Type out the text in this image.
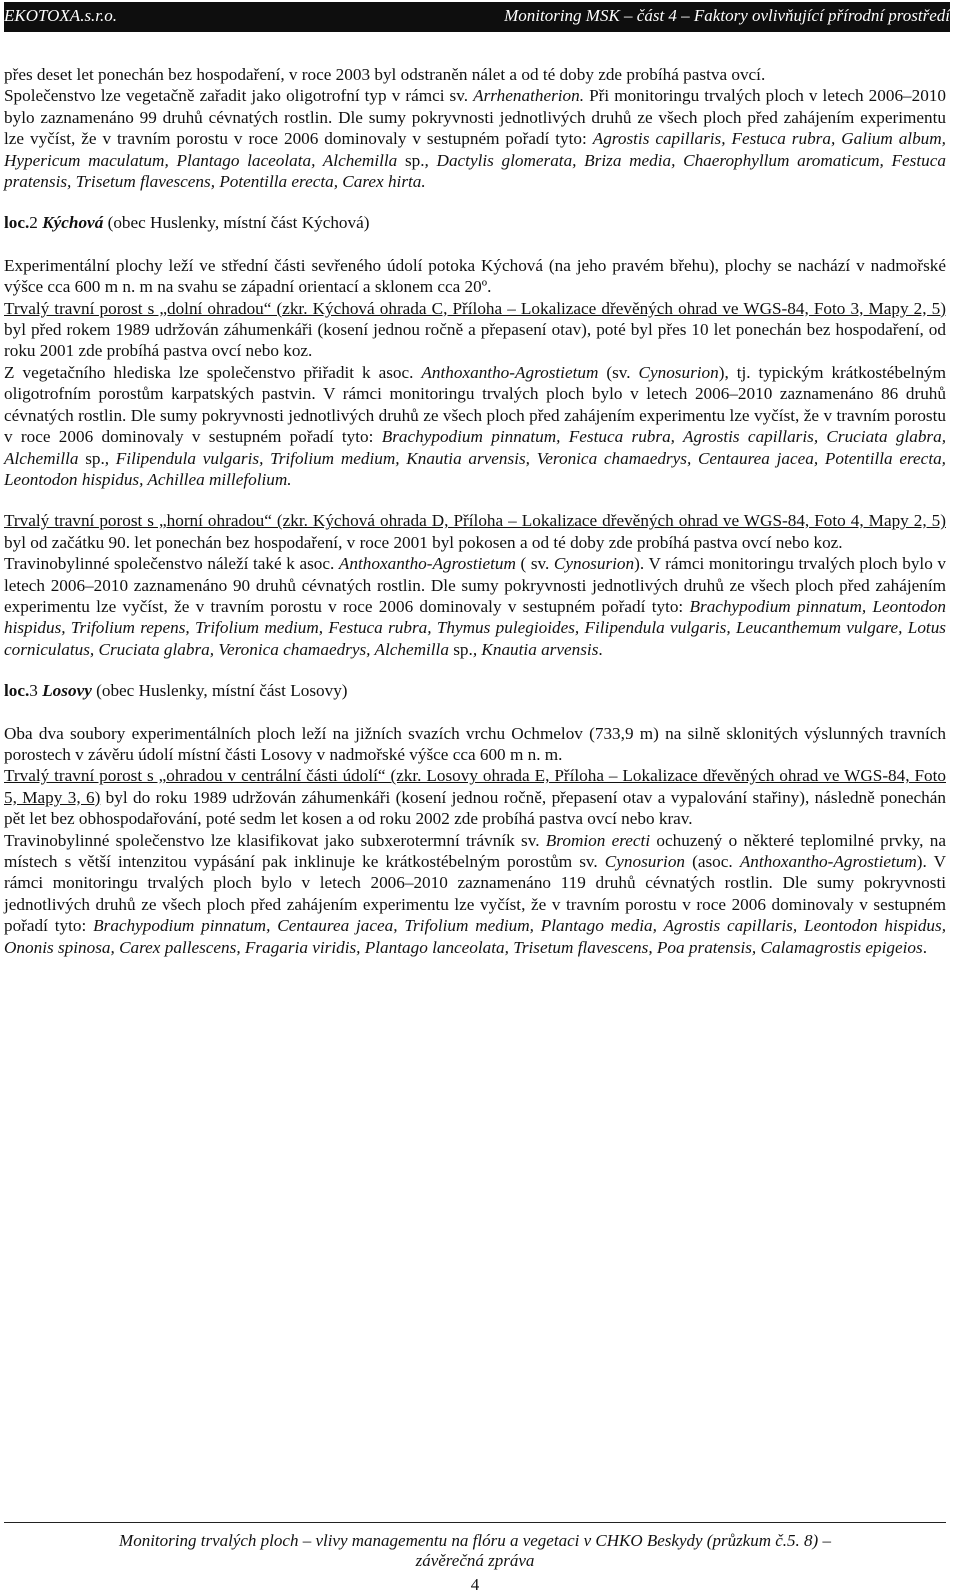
EKOTOXA.s.r.o.	Monitoring MSK – část 4 – Faktory ovlivňující přírodní prostředí

přes deset let ponechán bez hospodaření, v roce 2003 byl odstraněn nálet a od té doby zde probíhá pastva ovcí.

Společenstvo lze vegetačně zařadit jako oligotrofní typ v rámci sv. Arrhenatherion. Při monitoringu trvalých ploch v letech 2006–2010 bylo zaznamenáno 99 druhů cévnatých rostlin. Dle sumy pokryvnosti jednotlivých druhů ze všech ploch před zahájením experimentu lze vyčíst, že v travním porostu v roce 2006 dominovaly v sestupném pořadí tyto: Agrostis capillaris, Festuca rubra, Galium album, Hypericum maculatum, Plantago laceolata, Alchemilla sp., Dactylis glomerata, Briza media, Chaerophyllum aromaticum, Festuca pratensis, Trisetum flavescens, Potentilla erecta, Carex hirta.

loc.2 Kýchová (obec Huslenky, místní část Kýchová)

Experimentální plochy leží ve střední části sevřeného údolí potoka Kýchová (na jeho pravém břehu), plochy se nachází v nadmořské výšce cca 600 m n. m na svahu se západní orientací a sklonem cca 20º.

Trvalý travní porost s „dolní ohradou“ (zkr. Kýchová ohrada C, Příloha – Lokalizace dřevěných ohrad ve WGS-84, Foto 3, Mapy 2, 5) byl před rokem 1989 udržován záhumenkáři (kosení jednou ročně a přepasení otav), poté byl přes 10 let ponechán bez hospodaření, od roku 2001 zde probíhá pastva ovcí nebo koz.

Z vegetačního hlediska lze společenstvo přiřadit k asoc. Anthoxantho-Agrostietum (sv. Cynosurion), tj. typickým krátkostébelným oligotrofním porostům karpatských pastvin. V rámci monitoringu trvalých ploch bylo v letech 2006–2010 zaznamenáno 86 druhů cévnatých rostlin. Dle sumy pokryvnosti jednotlivých druhů ze všech ploch před zahájením experimentu lze vyčíst, že v travním porostu v roce 2006 dominovaly v sestupném pořadí tyto: Brachypodium pinnatum, Festuca rubra, Agrostis capillaris, Cruciata glabra, Alchemilla sp., Filipendula vulgaris, Trifolium medium, Knautia arvensis, Veronica chamaedrys, Centaurea jacea, Potentilla erecta, Leontodon hispidus, Achillea millefolium.

Trvalý travní porost s „horní ohradou“ (zkr. Kýchová ohrada D, Příloha – Lokalizace dřevěných ohrad ve WGS-84, Foto 4, Mapy 2, 5) byl od začátku 90. let ponechán bez hospodaření, v roce 2001 byl pokosen a od té doby zde probíhá pastva ovcí nebo koz.

Travinobylinné společenstvo náleží také k asoc. Anthoxantho-Agrostietum ( sv. Cynosurion). V rámci monitoringu trvalých ploch bylo v letech 2006–2010 zaznamenáno 90 druhů cévnatých rostlin. Dle sumy pokryvnosti jednotlivých druhů ze všech ploch před zahájením experimentu lze vyčíst, že v travním porostu v roce 2006 dominovaly v sestupném pořadí tyto: Brachypodium pinnatum, Leontodon hispidus, Trifolium repens, Trifolium medium, Festuca rubra, Thymus pulegioides, Filipendula vulgaris, Leucanthemum vulgare, Lotus corniculatus, Cruciata glabra, Veronica chamaedrys, Alchemilla sp., Knautia arvensis.

loc.3 Losovy (obec Huslenky, místní část Losovy)

Oba dva soubory experimentálních ploch leží na jižních svazích vrchu Ochmelov (733,9 m) na silně sklonitých výslunných travních porostech v závěru údolí místní části Losovy v nadmořské výšce cca 600 m n. m.

Trvalý travní porost s „ohradou v centrální části údolí“ (zkr. Losovy ohrada E, Příloha – Lokalizace dřevěných ohrad ve WGS-84, Foto 5, Mapy 3, 6) byl do roku 1989 udržován záhumenkáři (kosení jednou ročně, přepasení otav a vypalování stařiny), následně ponechán pět let bez obhospodařování, poté sedm let kosen a od roku 2002 zde probíhá pastva ovcí nebo krav.

Travinobylinné společenstvo lze klasifikovat jako subxerotermní trávník sv. Bromion erecti ochuzený o některé teplomilné prvky, na místech s větší intenzitou vypásání pak inklinuje ke krátkostébelným porostům sv. Cynosurion (asoc. Anthoxantho-Agrostietum). V rámci monitoringu trvalých ploch bylo v letech 2006–2010 zaznamenáno 119 druhů cévnatých rostlin. Dle sumy pokryvnosti jednotlivých druhů ze všech ploch před zahájením experimentu lze vyčíst, že v travním porostu v roce 2006 dominovaly v sestupném pořadí tyto: Brachypodium pinnatum, Centaurea jacea, Trifolium medium, Plantago media, Agrostis capillaris, Leontodon hispidus, Ononis spinosa, Carex pallescens, Fragaria viridis, Plantago lanceolata, Trisetum flavescens, Poa pratensis, Calamagrostis epigeios.

Monitoring trvalých ploch – vlivy managementu na flóru a vegetaci v CHKO Beskydy (průzkum č.5. 8) –
závěrečná zpráva
4
